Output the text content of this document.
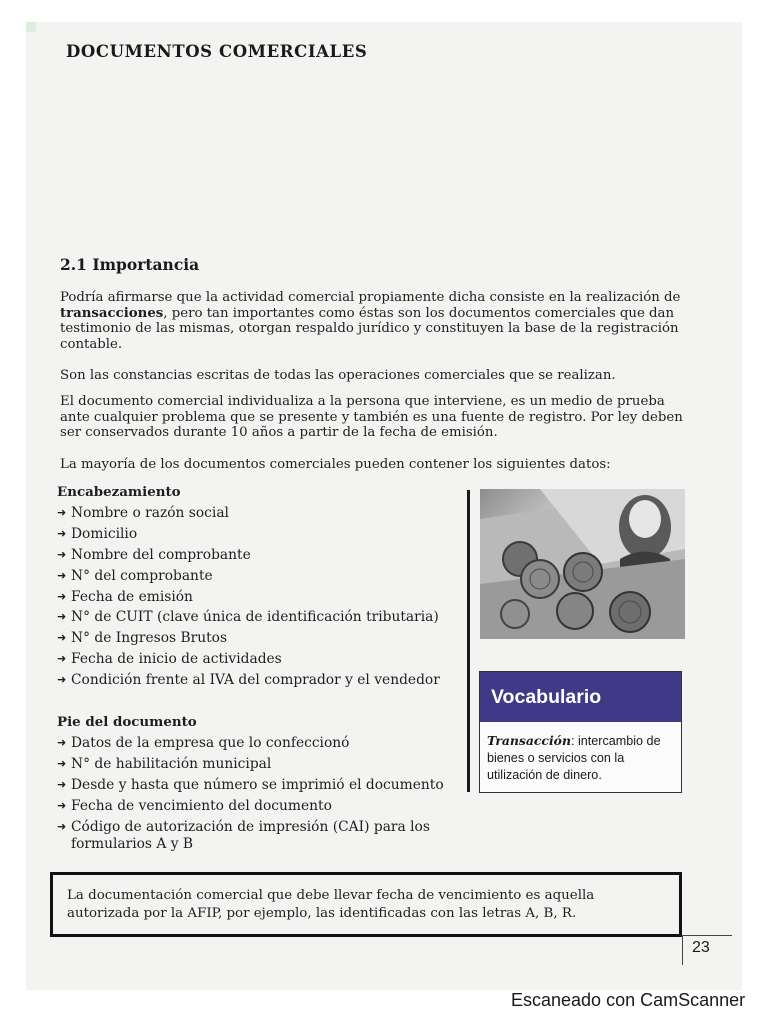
DOCUMENTOS COMERCIALES
2.1 Importancia

Podría afirmarse que la actividad comercial propiamente dicha consiste en la realización de transacciones, pero tan importantes como éstas son los documentos comerciales que dan testimonio de las mismas, otorgan respaldo jurídico y constituyen la base de la registración contable.

Son las constancias escritas de todas las operaciones comerciales que se realizan.

El documento comercial individualiza a la persona que interviene, es un medio de prueba ante cualquier problema que se presente y también es una fuente de registro. Por ley deben ser conservados durante 10 años a partir de la fecha de emisión.

La mayoría de los documentos comerciales pueden contener los siguientes datos:

Encabezamiento
➜ Nombre o razón social
➜ Domicilio
➜ Nombre del comprobante
➜ N° del comprobante
➜ Fecha de emisión
➜ N° de CUIT (clave única de identificación tributaria)
➜ N° de Ingresos Brutos
➜ Fecha de inicio de actividades
➜ Condición frente al IVA del comprador y el vendedor
Pie del documento
➜ Datos de la empresa que lo confeccionó
➜ N° de habilitación municipal
➜ Desde y hasta que número se imprimió el documento
➜ Fecha de vencimiento del documento
➜ Código de autorización de impresión (CAI) para los formularios A y B
Vocabulario
Transacción: intercambio de bienes o servicios con la utilización de dinero.
La documentación comercial que debe llevar fecha de vencimiento es aquella autorizada por la AFIP, por ejemplo, las identificadas con las letras A, B, R.
23
Escaneado con CamScanner
